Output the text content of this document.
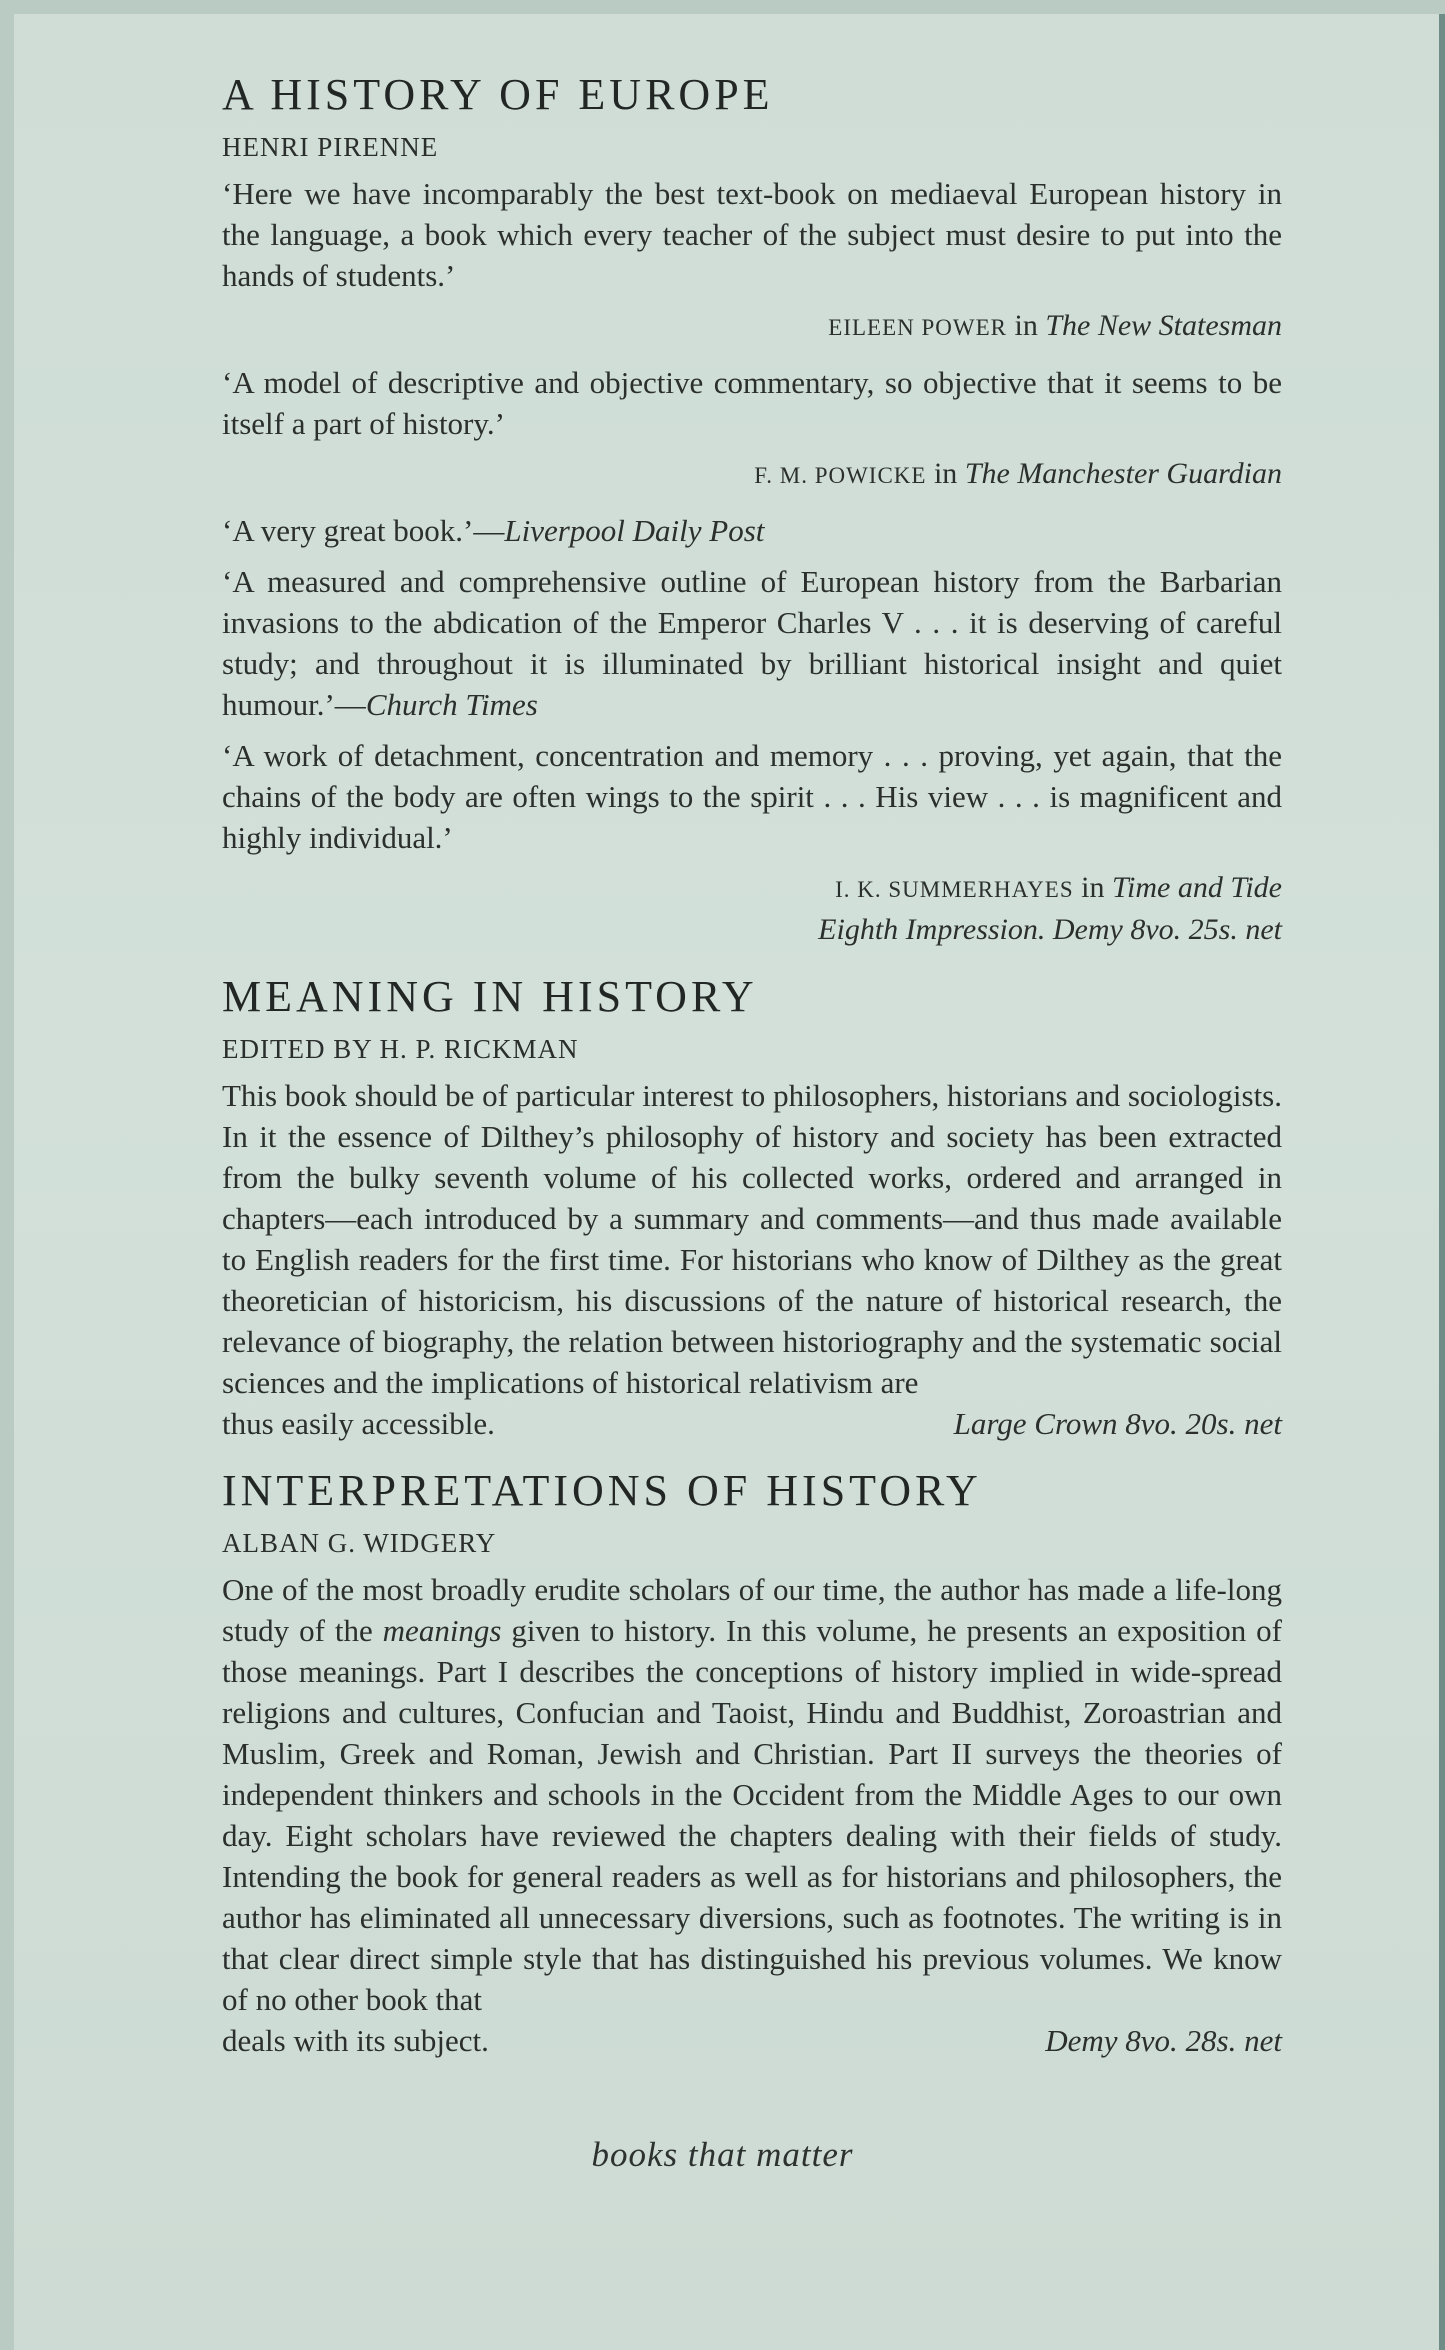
A HISTORY OF EUROPE
HENRI PIRENNE

‘Here we have incomparably the best text-book on mediaeval European history in the language, a book which every teacher of the subject must desire to put into the hands of students.’

EILEEN POWER in The New Statesman

‘A model of descriptive and objective commentary, so objective that it seems to be itself a part of history.’

F. M. POWICKE in The Manchester Guardian

‘A very great book.’—Liverpool Daily Post

‘A measured and comprehensive outline of European history from the Barbarian invasions to the abdication of the Emperor Charles V . . . it is deserving of careful study; and throughout it is illuminated by brilliant historical insight and quiet humour.’—Church Times

‘A work of detachment, concentration and memory . . . proving, yet again, that the chains of the body are often wings to the spirit . . . His view . . . is magnificent and highly individual.’

I. K. SUMMERHAYES in Time and Tide

Eighth Impression. Demy 8vo. 25s. net

MEANING IN HISTORY
EDITED BY H. P. RICKMAN

This book should be of particular interest to philosophers, historians and sociologists. In it the essence of Dilthey’s philosophy of history and society has been extracted from the bulky seventh volume of his collected works, ordered and arranged in chapters—each introduced by a summary and comments—and thus made available to English readers for the first time. For historians who know of Dilthey as the great theoretician of historicism, his discussions of the nature of historical research, the relevance of biography, the relation between historiography and the systematic social sciences and the implications of historical relativism are

thus easily accessible.	Large Crown 8vo. 20s. net
INTERPRETATIONS OF HISTORY
ALBAN G. WIDGERY

One of the most broadly erudite scholars of our time, the author has made a life-long study of the meanings given to history. In this volume, he presents an exposition of those meanings. Part I describes the conceptions of history implied in wide-spread religions and cultures, Confucian and Taoist, Hindu and Buddhist, Zoroastrian and Muslim, Greek and Roman, Jewish and Christian. Part II surveys the theories of independent thinkers and schools in the Occident from the Middle Ages to our own day. Eight scholars have reviewed the chapters dealing with their fields of study. Intending the book for general readers as well as for historians and philosophers, the author has eliminated all unnecessary diversions, such as footnotes. The writing is in that clear direct simple style that has distinguished his previous volumes. We know of no other book that

deals with its subject.	Demy 8vo. 28s. net
books that matter
